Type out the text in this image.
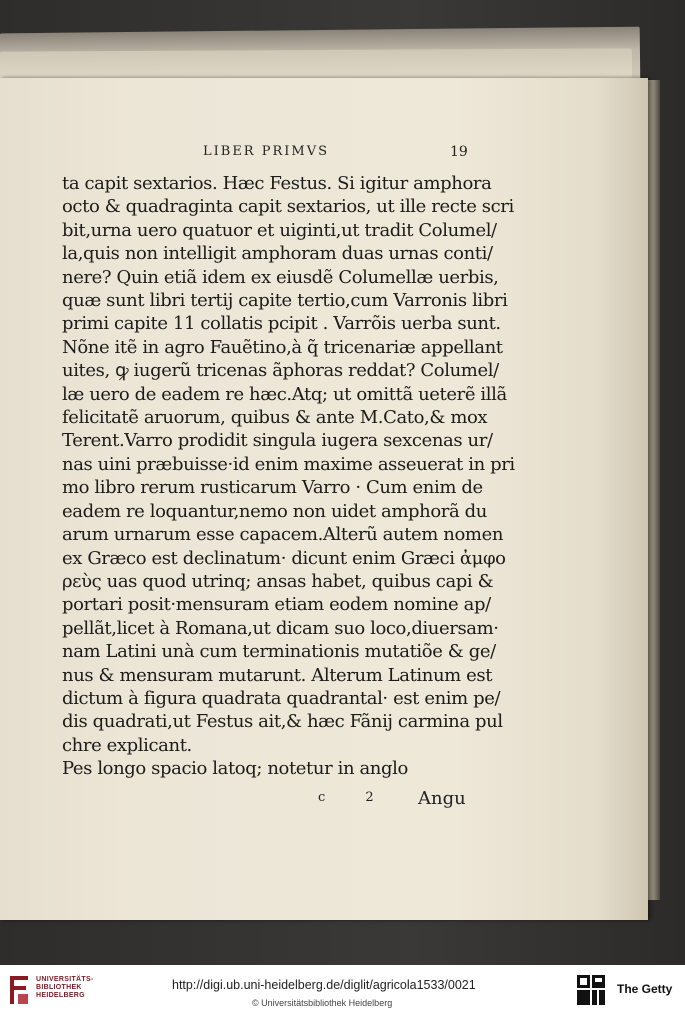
LIBER PRIMVS	19
ta capit sextarios. Hæc Festus. Si igitur amphora
octo & quadraginta capit sextarios, ut ille recte scri
bit,urna uero quatuor et uiginti,ut tradit Columel/
la,quis non intelligit amphoram duas urnas conti/
nere? Quin etiã idem ex eiusdẽ Columellæ uerbis,
quæ sunt libri tertij capite tertio,cum Varronis libri
primi capite 11 collatis pcipit . Varrõis uerba sunt.
Nõne itẽ in agro Fauẽtino,à q̃ tricenariæ appellant
uites, ꝙ iugerũ tricenas ãphoras reddat? Columel/
læ uero de eadem re hæc.Atq; ut omittã ueterẽ illã
felicitatẽ aruorum, quibus & ante M.Cato,& mox
Terent.Varro prodidit singula iugera sexcenas ur/
nas uini præbuisse·id enim maxime asseuerat in pri
mo libro rerum rusticarum Varro · Cum enim de
eadem re loquantur,nemo non uidet amphorã du
arum urnarum esse capacem.Alterũ autem nomen
ex Græco est declinatum· dicunt enim Græci ἀμφο
ρεὺς uas quod utrinq; ansas habet, quibus capi &
portari posit·mensuram etiam eodem nomine ap/
pellãt,licet à Romana,ut dicam suo loco,diuersam·
nam Latini unà cum terminationis mutatiõe & ge/
nus & mensuram mutarunt. Alterum Latinum est
dictum à figura quadrata quadrantal· est enim pe/
dis quadrati,ut Festus ait,& hæc Fãnij carmina pul
chre explicant.
Pes longo spacio latoq; notetur in anglo
c 2 Angu
UNIVERSITÄTS-
BIBLIOTHEK
HEIDELBERG
http://digi.ub.uni-heidelberg.de/diglit/agricola1533/0021
© Universitätsbibliothek Heidelberg
The Getty
